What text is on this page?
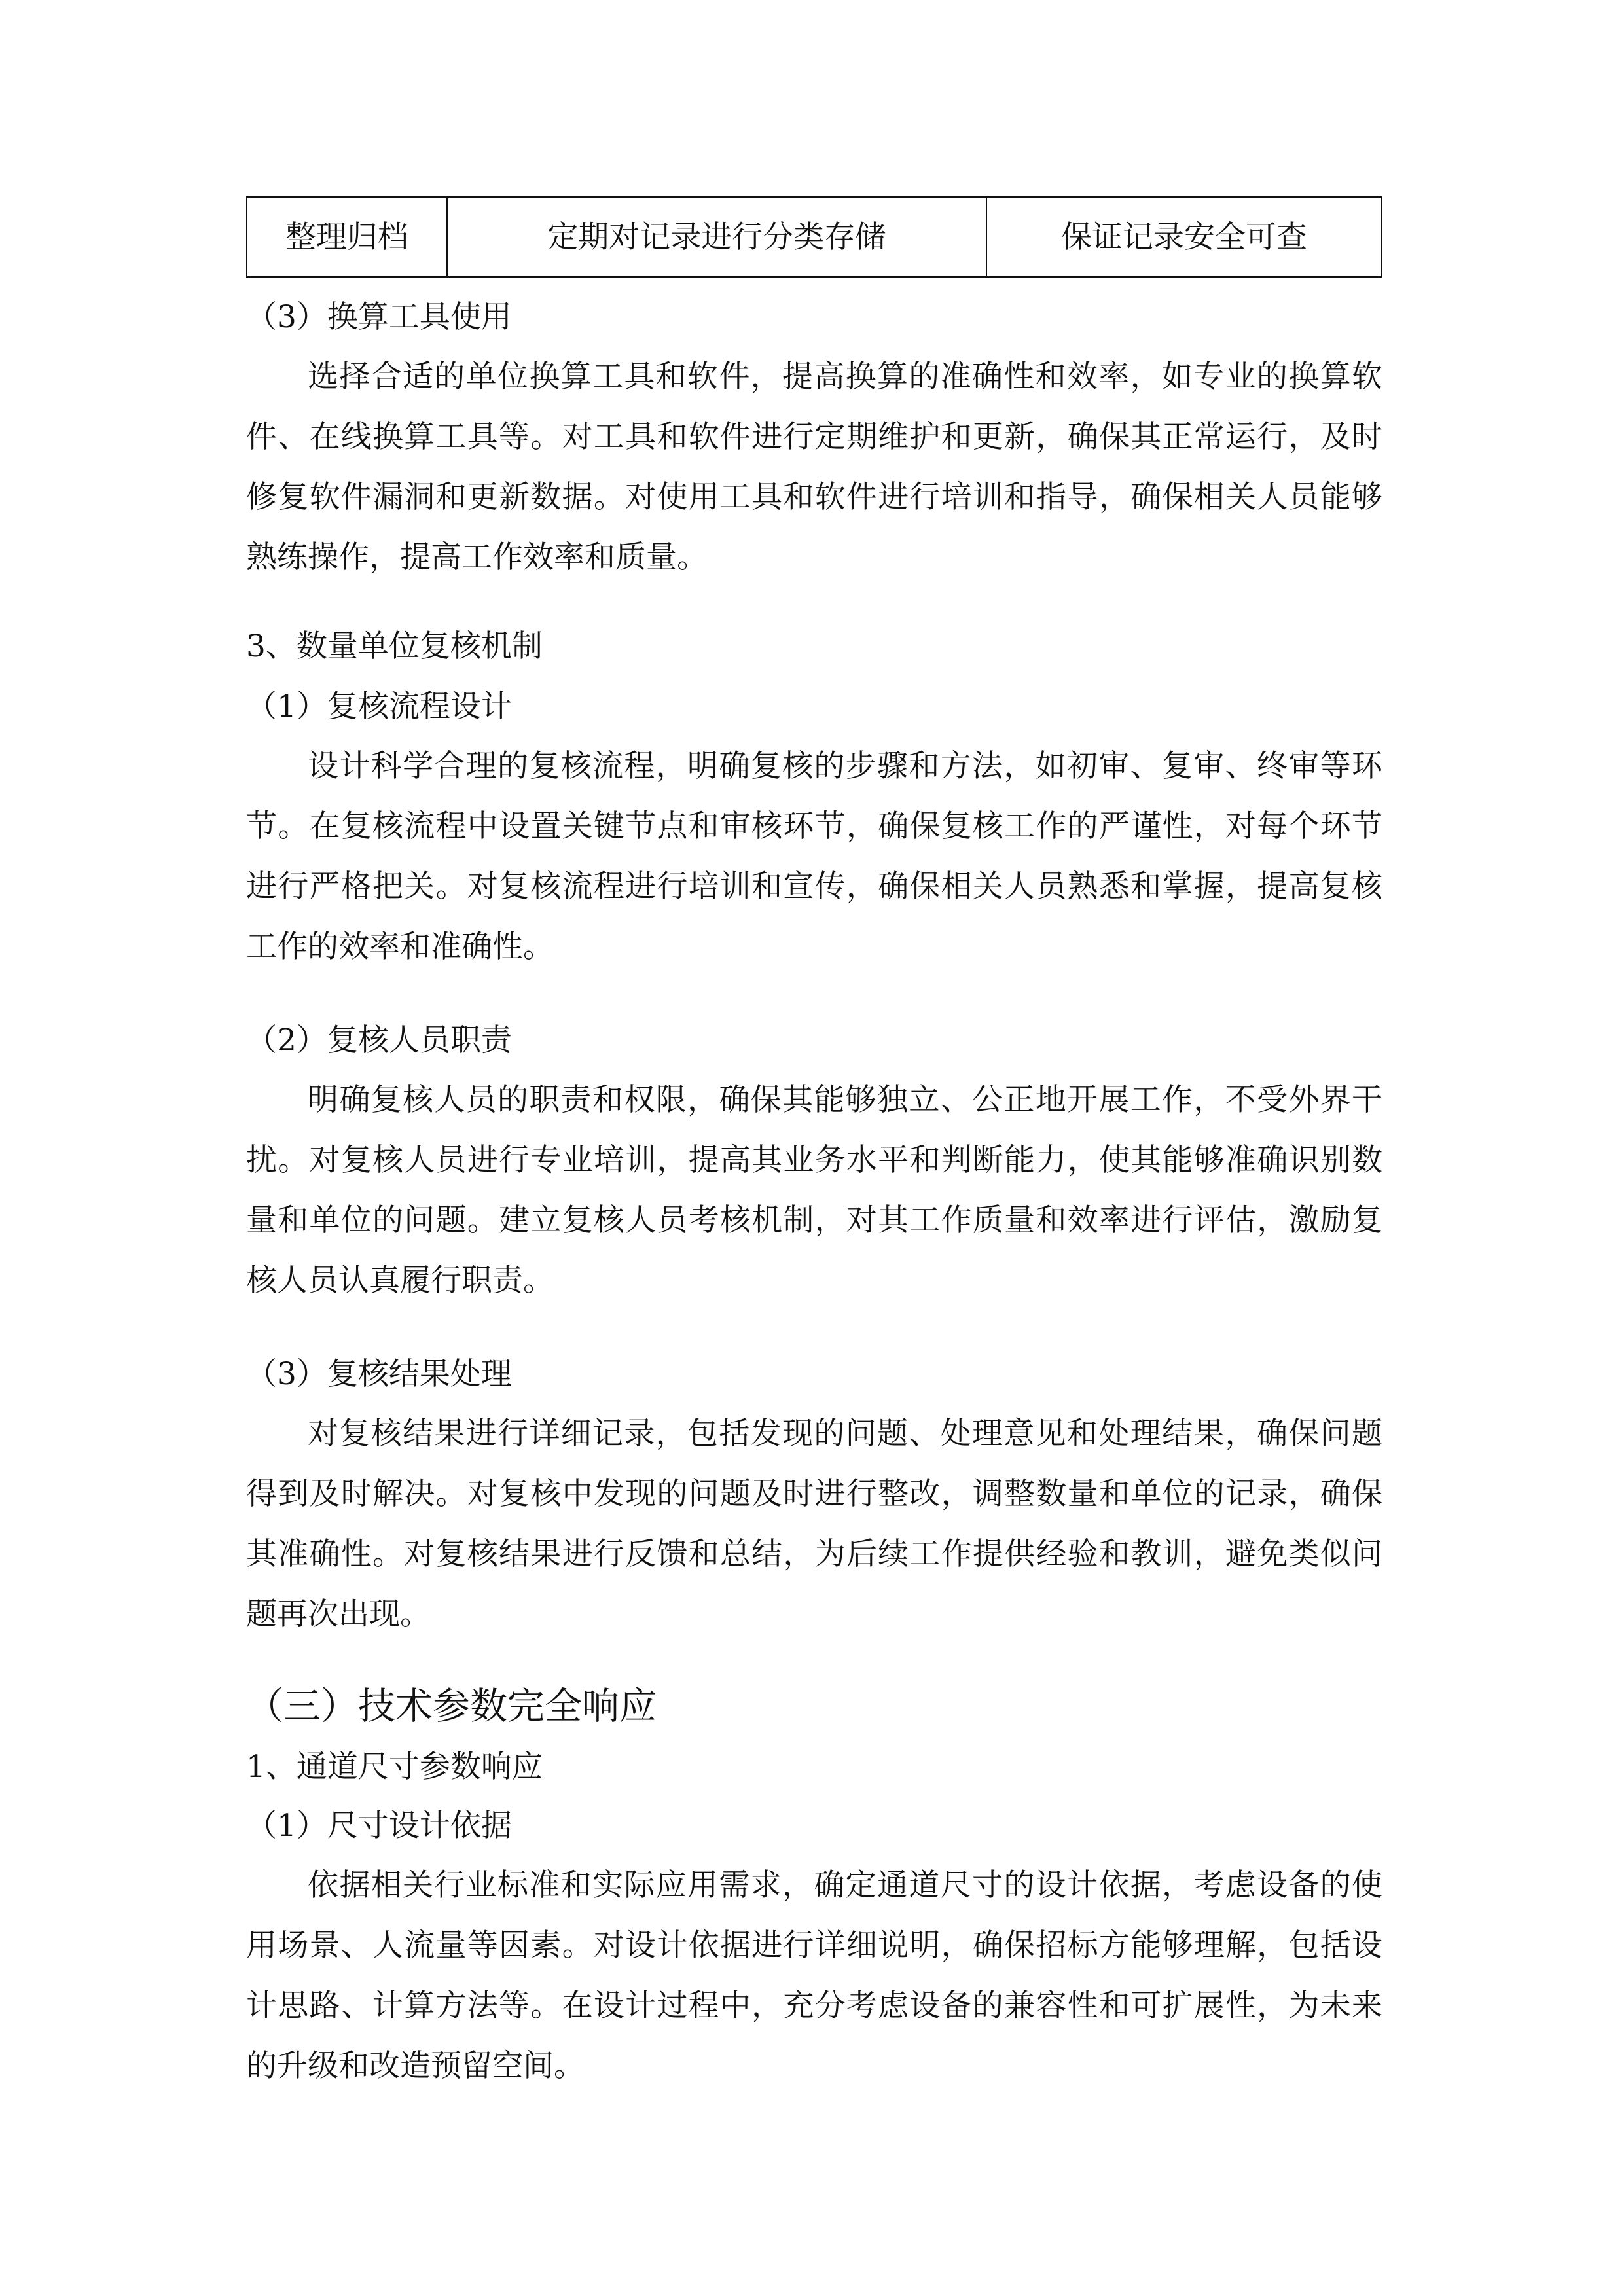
整理归档	定期对记录进行分类存储	保证记录安全可查
（3）换算工具使用

选择合适的单位换算工具和软件，提高换算的准确性和效率，如专业的换算软件、在线换算工具等。对工具和软件进行定期维护和更新，确保其正常运行，及时修复软件漏洞和更新数据。对使用工具和软件进行培训和指导，确保相关人员能够熟练操作，提高工作效率和质量。

3、数量单位复核机制
（1）复核流程设计

设计科学合理的复核流程，明确复核的步骤和方法，如初审、复审、终审等环节。在复核流程中设置关键节点和审核环节，确保复核工作的严谨性，对每个环节进行严格把关。对复核流程进行培训和宣传，确保相关人员熟悉和掌握，提高复核工作的效率和准确性。

（2）复核人员职责

明确复核人员的职责和权限，确保其能够独立、公正地开展工作，不受外界干扰。对复核人员进行专业培训，提高其业务水平和判断能力，使其能够准确识别数量和单位的问题。建立复核人员考核机制，对其工作质量和效率进行评估，激励复核人员认真履行职责。

（3）复核结果处理

对复核结果进行详细记录，包括发现的问题、处理意见和处理结果，确保问题得到及时解决。对复核中发现的问题及时进行整改，调整数量和单位的记录，确保其准确性。对复核结果进行反馈和总结，为后续工作提供经验和教训，避免类似问题再次出现。

（三）技术参数完全响应
1、通道尺寸参数响应
（1）尺寸设计依据

依据相关行业标准和实际应用需求，确定通道尺寸的设计依据，考虑设备的使用场景、人流量等因素。对设计依据进行详细说明，确保招标方能够理解，包括设计思路、计算方法等。在设计过程中，充分考虑设备的兼容性和可扩展性，为未来的升级和改造预留空间。
